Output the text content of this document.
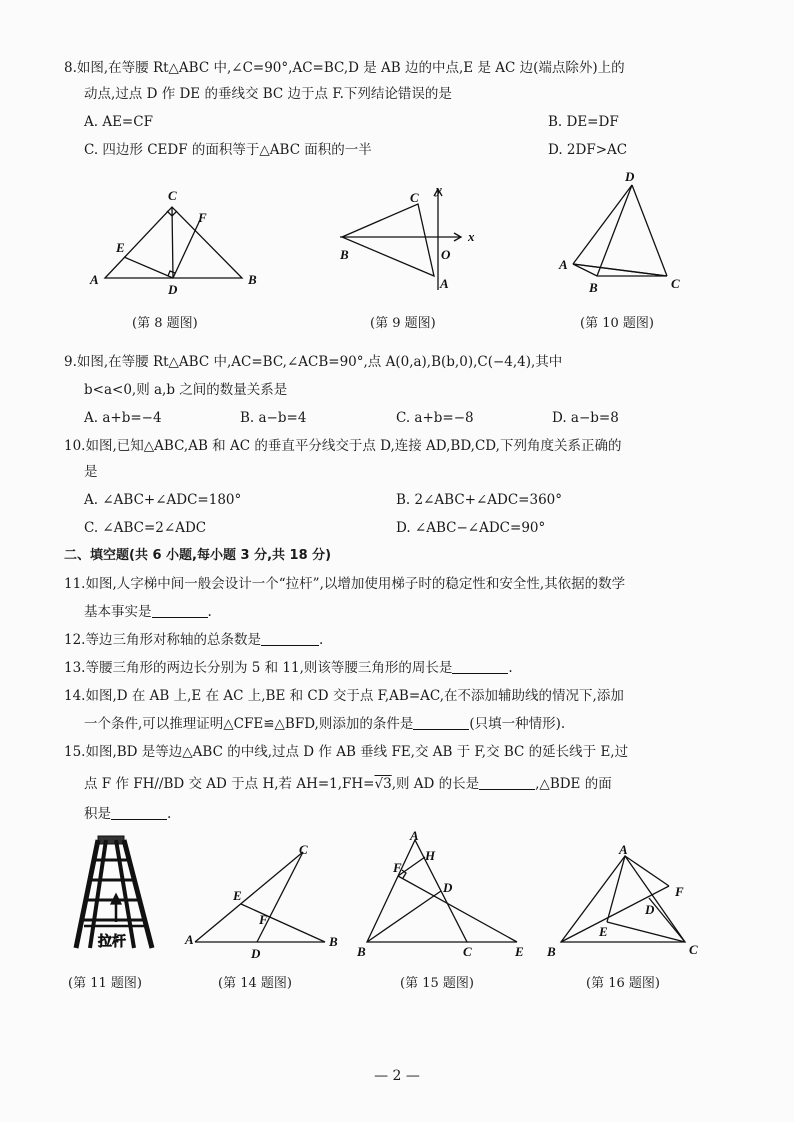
8.如图,在等腰 Rt△ABC 中,∠C=90°,AC=BC,D 是 AB 边的中点,E 是 AC 边(端点除外)上的
动点,过点 D 作 DE 的垂线交 BC 边于点 F.下列结论错误的是
A. AE=CF	B. DE=DF
C. 四边形 CEDF 的面积等于△ABC 面积的一半	D. 2DF>AC
C
F
E
A
D
B
(第 8 题图)
y
C
x
B	O
A
(第 9 题图)
D
A
B	C
(第 10 题图)
9.如图,在等腰 Rt△ABC 中,AC=BC,∠ACB=90°,点 A(0,a),B(b,0),C(−4,4),其中
b<a<0,则 a,b 之间的数量关系是
A. a+b=−4	B. a−b=4	C. a+b=−8	D. a−b=8
10.如图,已知△ABC,AB 和 AC 的垂直平分线交于点 D,连接 AD,BD,CD,下列角度关系正确的
是
A. ∠ABC+∠ADC=180°	B. 2∠ABC+∠ADC=360°
C. ∠ABC=2∠ADC	D. ∠ABC−∠ADC=90°
二、填空题(共 6 小题,每小题 3 分,共 18 分)
11.如图,人字梯中间一般会设计一个“拉杆”,以增加使用梯子时的稳定性和安全性,其依据的数学
基本事实是	.
12.等边三角形对称轴的总条数是	.
13.等腰三角形的两边长分别为 5 和 11,则该等腰三角形的周长是	.
14.如图,D 在 AB 上,E 在 AC 上,BE 和 CD 交于点 F,AB=AC,在不添加辅助线的情况下,添加
一个条件,可以推理证明△CFE≌△BFD,则添加的条件是	(只填一种情形).
15.如图,BD 是等边△ABC 的中线,过点 D 作 AB 垂线 FE,交 AB 于 F,交 BC 的延长线于 E,过
点 F 作 FH//BD 交 AD 于点 H,若 AH=1,FH=√3,则 AD 的长是	,△BDE 的面
积是	.
拉杆
(第 11 题图)
C
E
F
A
D
B
(第 14 题图)
A
H
F
D
B	C	E
(第 15 题图)
A
F
D
E
B	C
(第 16 题图)
— 2 —
